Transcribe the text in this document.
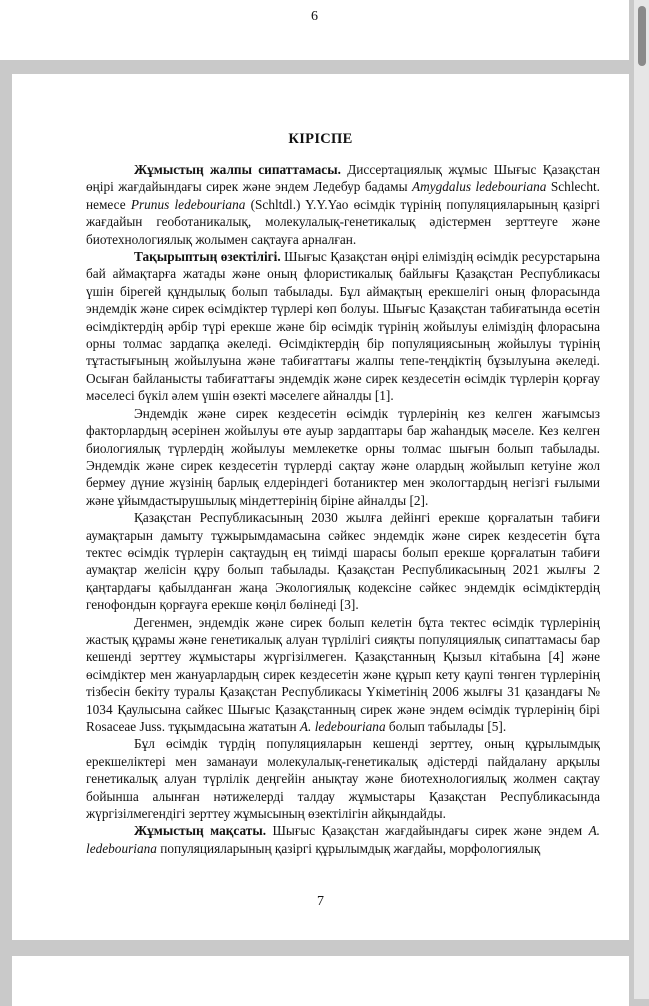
6
КІРІСПЕ

Жұмыстың жалпы сипаттамасы. Диссертациялық жұмыс Шығыс Қазақстан өңірі жағдайындағы сирек және эндем Ледебур бадамы Amygdalus ledebouriana Schlecht. немесе Prunus ledebouriana (Schltdl.) Y.Y.Yao өсімдік түрінің популяцияларының қазіргі жағдайын геоботаникалық, молекулалық-генетикалық әдістермен зерттеуге және биотехнологиялық жолымен сақтауға арналған.

Тақырыптың өзектілігі. Шығыс Қазақстан өңірі еліміздің өсімдік ресурстарына бай аймақтарға жатады және оның флористикалық байлығы Қазақстан Республикасы үшін бірегей құндылық болып табылады. Бұл аймақтың ерекшелігі оның флорасында эндемдік және сирек өсімдіктер түрлері көп болуы. Шығыс Қазақстан табиғатында өсетін өсімдіктердің әрбір түрі ерекше және бір өсімдік түрінің жойылуы еліміздің флорасына орны толмас зардапқа әкеледі. Өсімдіктердің бір популяциясының жойылуы түрінің тұтастығының жойылуына және табиғаттағы жалпы тепе-теңдіктің бұзылуына әкеледі. Осыған байланысты табиғаттағы эндемдік және сирек кездесетін өсімдік түрлерін қорғау мәселесі бүкіл әлем үшін өзекті мәселеге айналды [1].

Эндемдік және сирек кездесетін өсімдік түрлерінің кез келген жағымсыз факторлардың әсерінен жойылуы өте ауыр зардаптары бар жаһандық мәселе. Кез келген биологиялық түрлердің жойылуы мемлекетке орны толмас шығын болып табылады. Эндемдік және сирек кездесетін түрлерді сақтау және олардың жойылып кетуіне жол бермеу дүние жүзінің барлық елдеріндегі ботаниктер мен экологтардың негізгі ғылыми және ұйымдастырушылық міндеттерінің біріне айналды [2].

Қазақстан Республикасының 2030 жылға дейінгі ерекше қорғалатын табиғи аумақтарын дамыту тұжырымдамасына сәйкес эндемдік және сирек кездесетін бұта тектес өсімдік түрлерін сақтаудың ең тиімді шарасы болып ерекше қорғалатын табиғи аумақтар желісін құру болып табылады. Қазақстан Республикасының 2021 жылғы 2 қаңтардағы қабылданған жаңа Экологиялық кодексіне сәйкес эндемдік өсімдіктердің генофондын қорғауға ерекше көңіл бөлінеді [3].

Дегенмен, эндемдік және сирек болып келетін бұта тектес өсімдік түрлерінің жастық құрамы және генетикалық алуан түрлілігі сияқты популяциялық сипаттамасы бар кешенді зерттеу жұмыстары жүргізілмеген. Қазақстанның Қызыл кітабына [4] және өсімдіктер мен жануарлардың сирек кездесетін және құрып кету қаупі төнген түрлерінің тізбесін бекіту туралы Қазақстан Республикасы Үкіметінің 2006 жылғы 31 қазандағы № 1034 Қаулысына сайкес Шығыс Қазақстанның сирек және эндем өсімдік түрлерінің бірі Rosaceae Juss. тұқымдасына жататын A. ledebouriana болып табылады [5].

Бұл өсімдік түрдің популяцияларын кешенді зерттеу, оның құрылымдық ерекшеліктері мен заманауи молекулалық-генетикалық әдістерді пайдалану арқылы генетикалық алуан түрлілік деңгейін анықтау және биотехнологиялық жолмен сақтау бойынша алынған нәтижелерді талдау жұмыстары Қазақстан Республикасында жүргізілмегендігі зерттеу жұмысының өзектілігін айқындайды.

Жұмыстың мақсаты. Шығыс Қазақстан жағдайындағы сирек және эндем A. ledebouriana популяцияларының қазіргі құрылымдық жағдайы, морфологиялық

7
